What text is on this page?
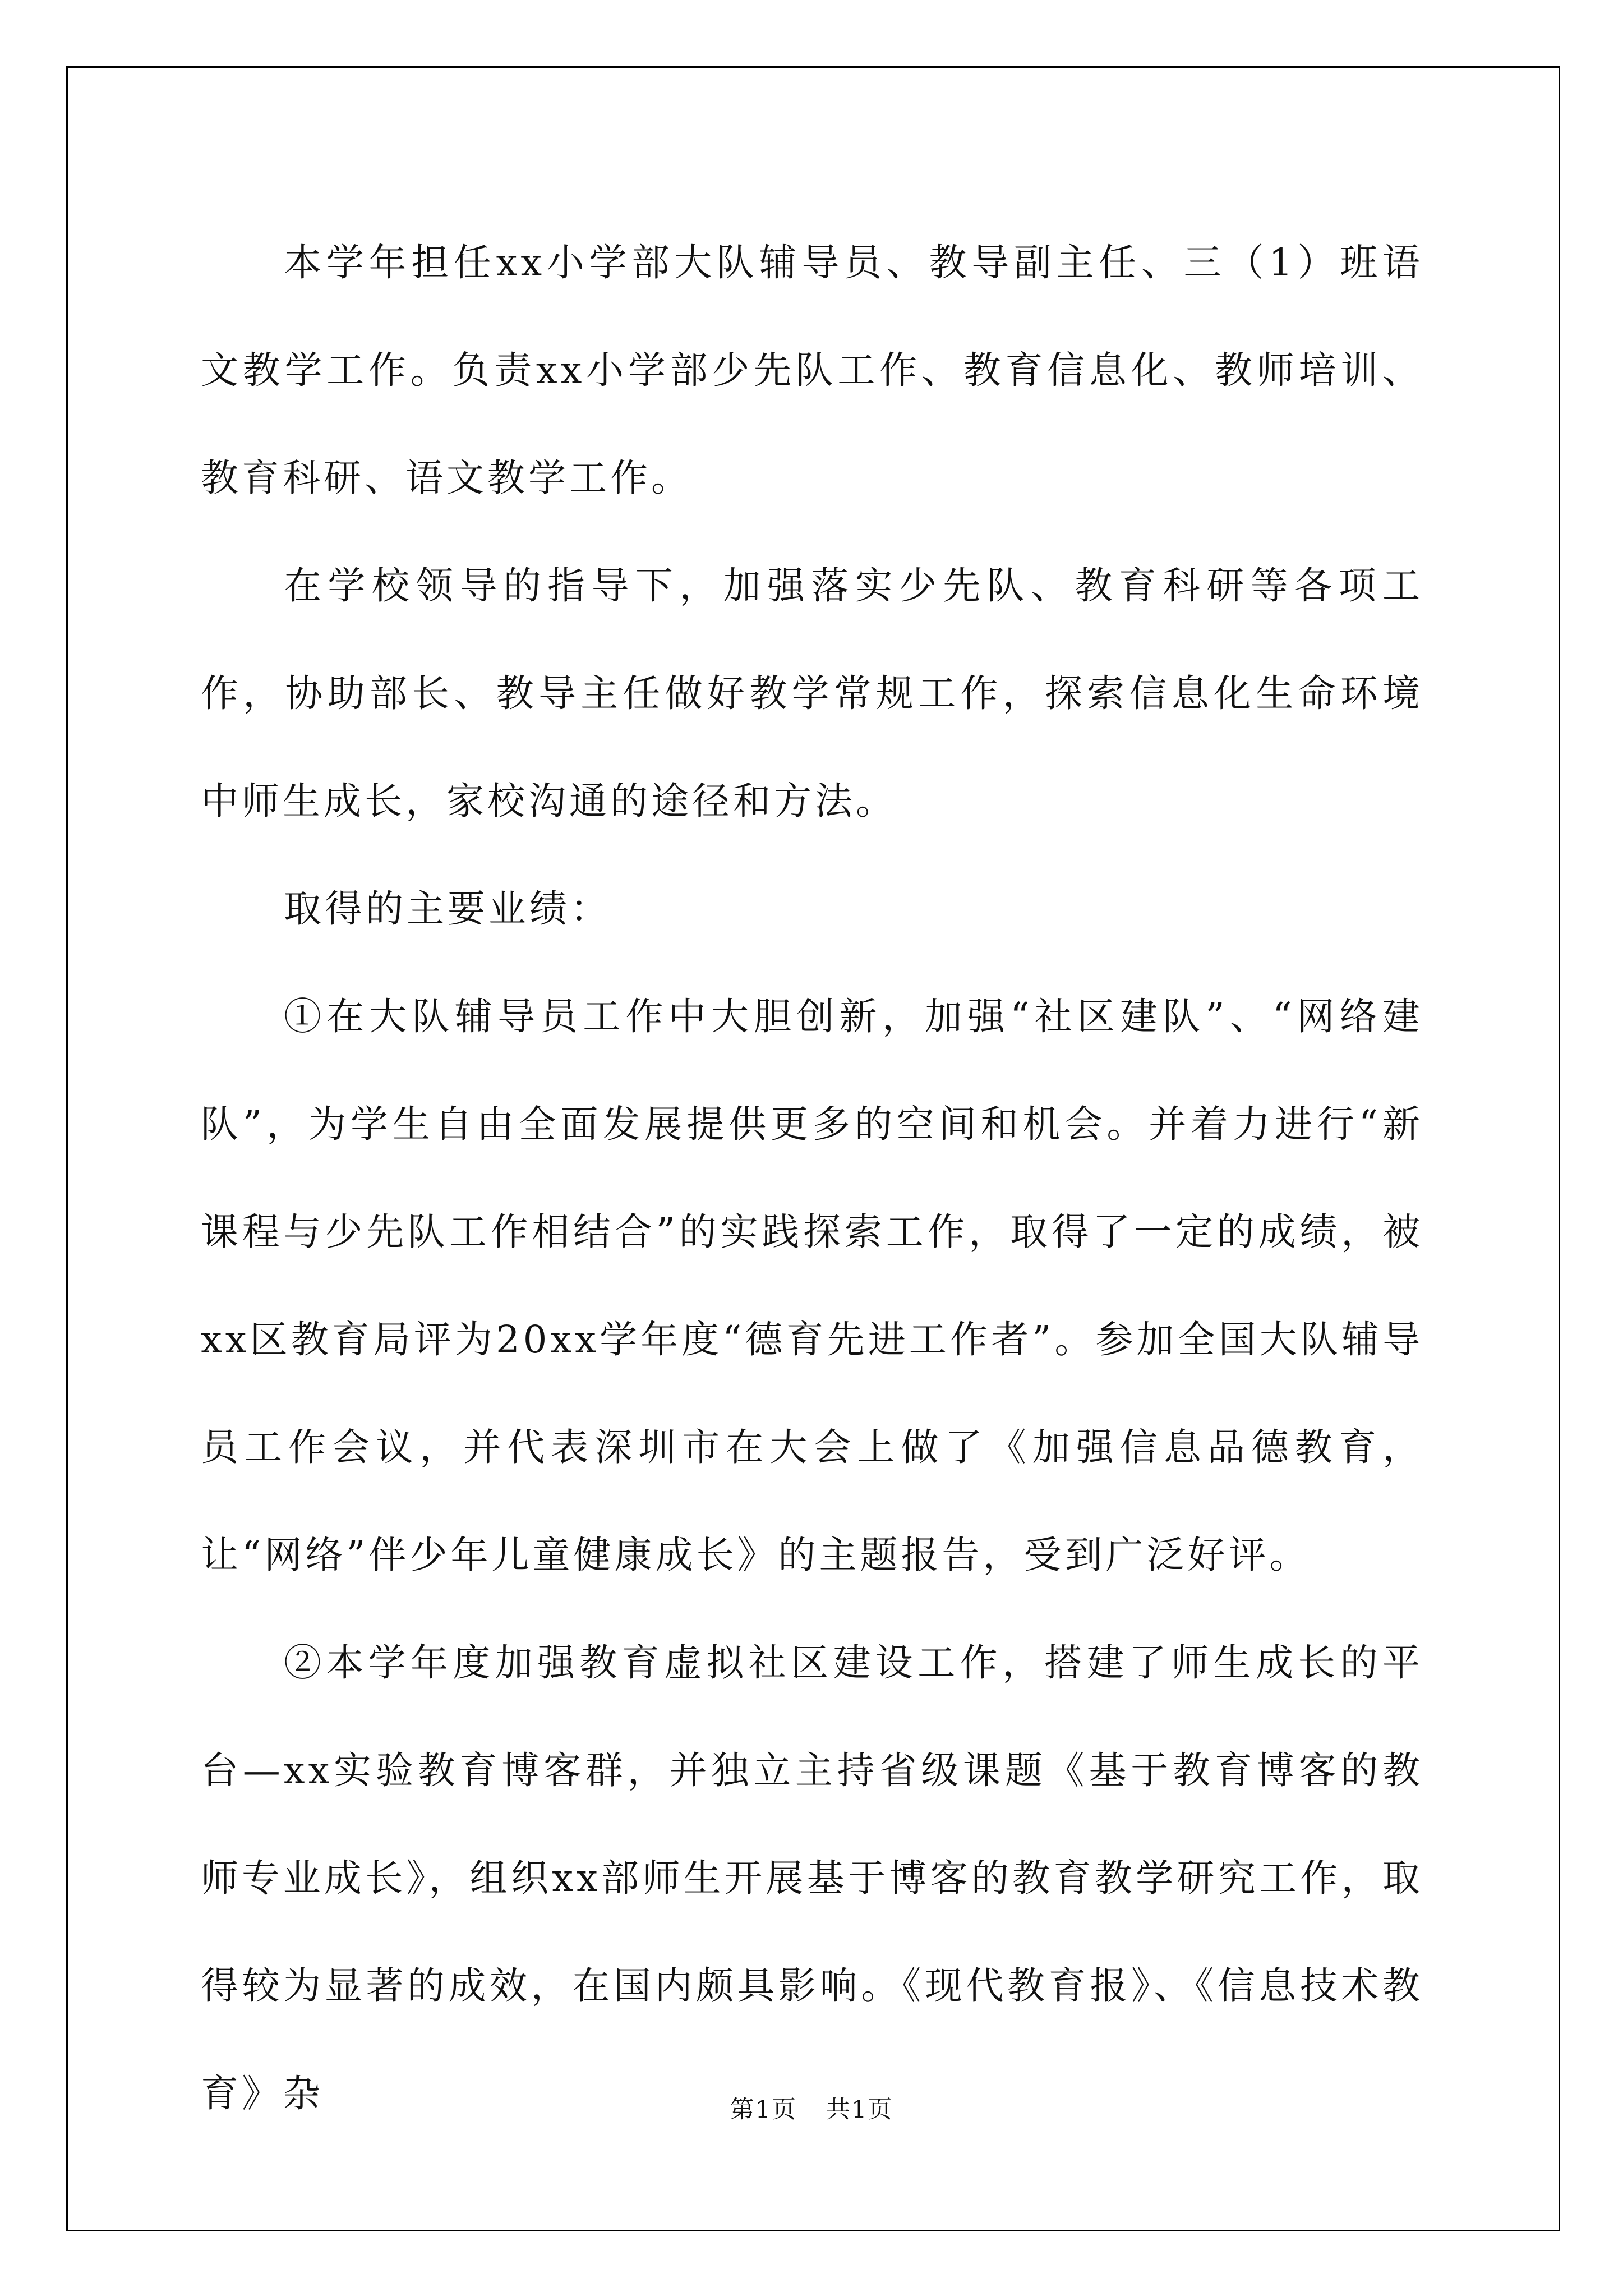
本学年担任xx小学部大队辅导员、教导副主任、三（1）班语文教学工作。负责xx小学部少先队工作、教育信息化、教师培训、教育科研、语文教学工作。

在学校领导的指导下，加强落实少先队、教育科研等各项工作，协助部长、教导主任做好教学常规工作，探索信息化生命环境中师生成长，家校沟通的途径和方法。

取得的主要业绩：

①在大队辅导员工作中大胆创新，加强“社区建队”、“网络建队”，为学生自由全面发展提供更多的空间和机会。并着力进行“新课程与少先队工作相结合”的实践探索工作，取得了一定的成绩，被xx区教育局评为20xx学年度“德育先进工作者”。参加全国大队辅导员工作会议，并代表深圳市在大会上做了《加强信息品德教育，让“网络”伴少年儿童健康成长》的主题报告，受到广泛好评。

②本学年度加强教育虚拟社区建设工作，搭建了师生成长的平台—xx实验教育博客群，并独立主持省级课题《基于教育博客的教师专业成长》，组织xx部师生开展基于博客的教育教学研究工作，取得较为显著的成效，在国内颇具影响。《现代教育报》、《信息技术教育》杂	第1页 共1页
